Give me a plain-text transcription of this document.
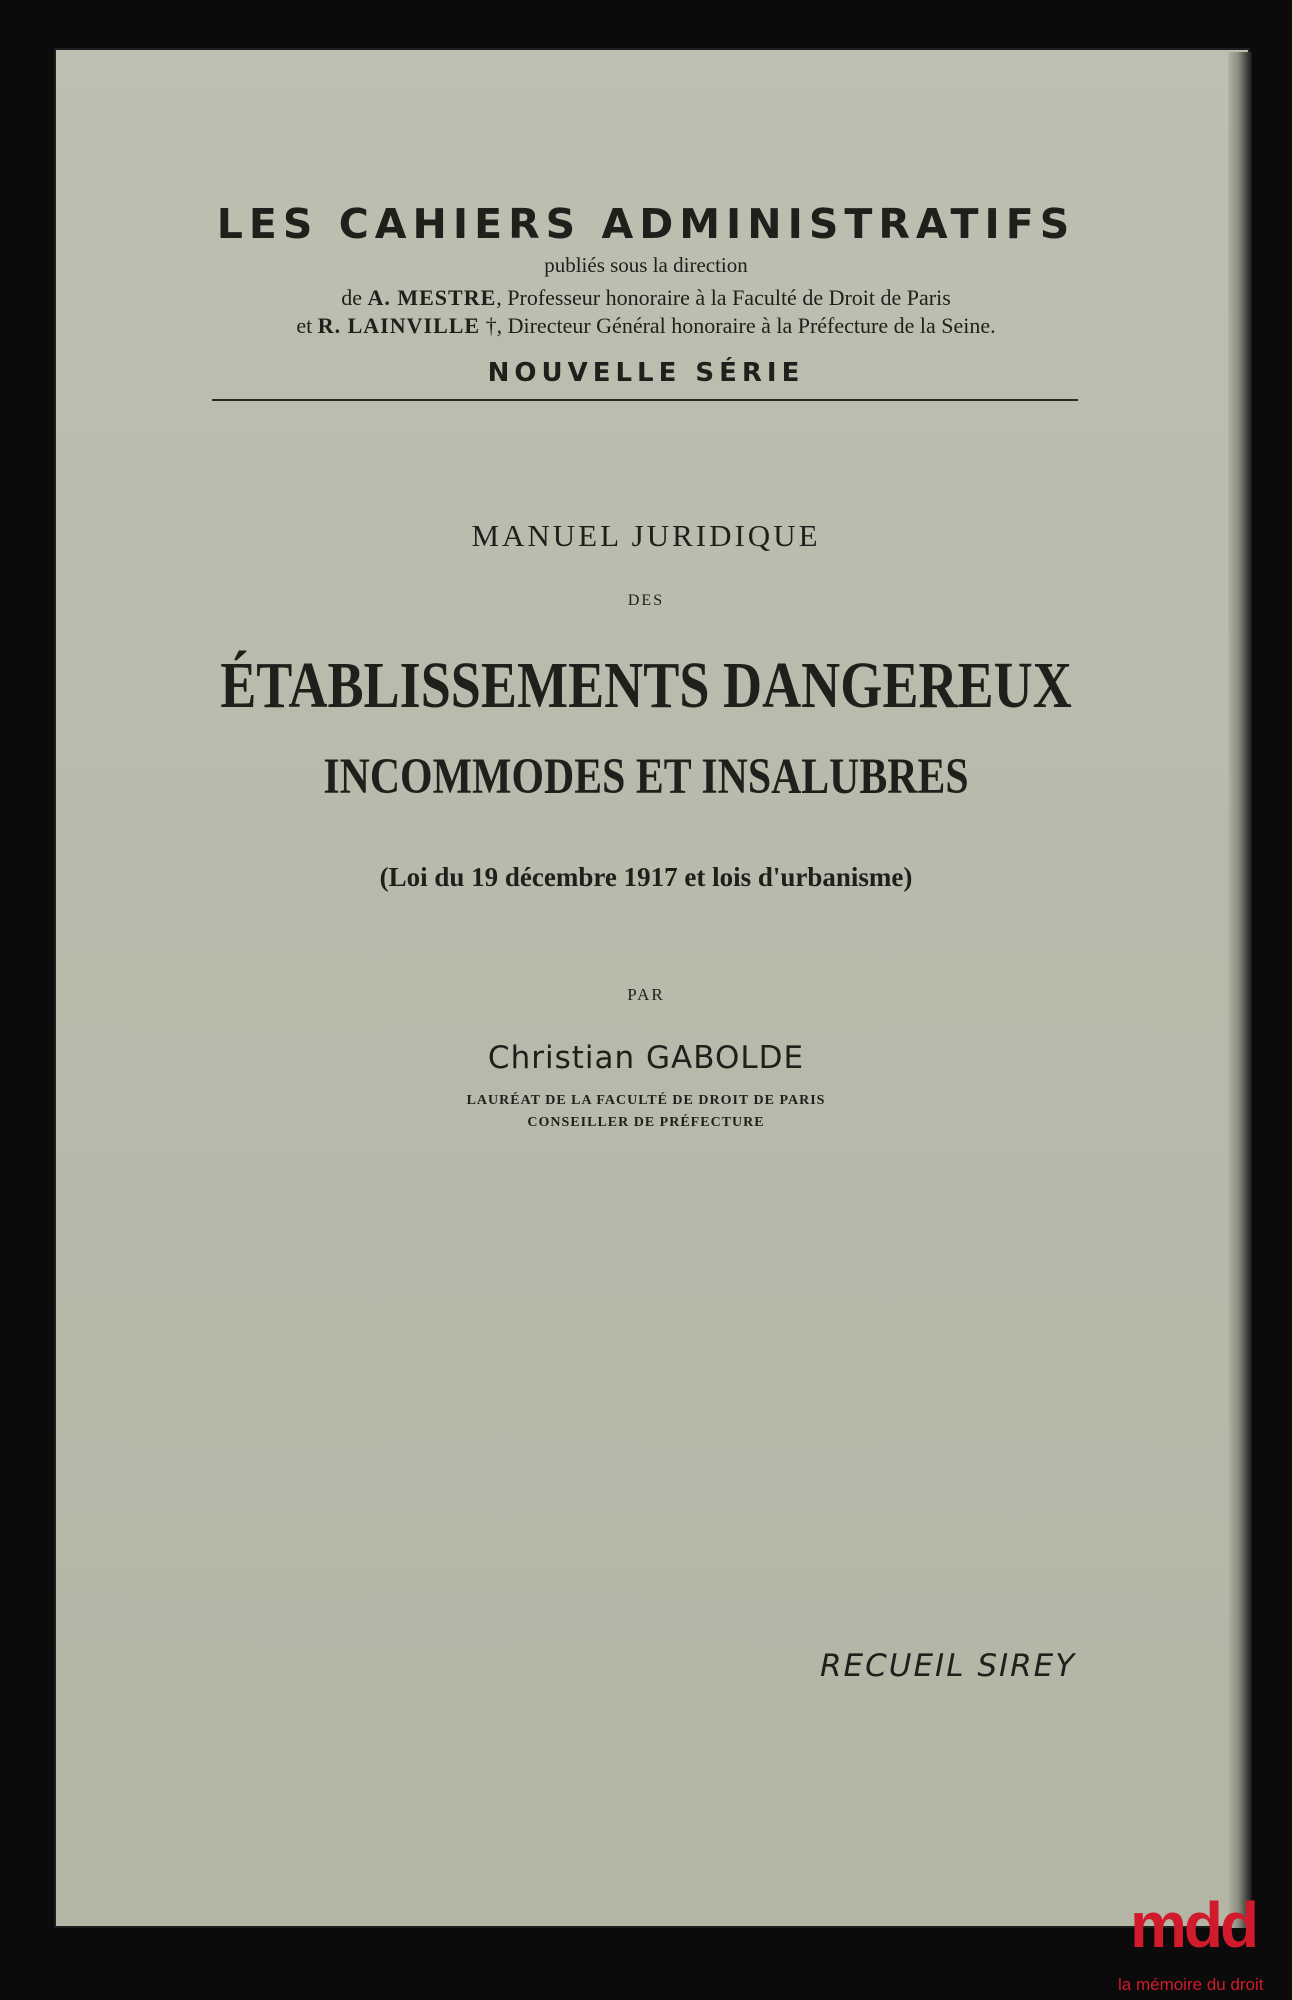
LES CAHIERS ADMINISTRATIFS
publiés sous la direction
de A. MESTRE, Professeur honoraire à la Faculté de Droit de Paris
et R. LAINVILLE †, Directeur Général honoraire à la Préfecture de la Seine.
NOUVELLE SÉRIE
MANUEL JURIDIQUE
DES
ÉTABLISSEMENTS DANGEREUX
INCOMMODES ET INSALUBRES
(Loi du 19 décembre 1917 et lois d'urbanisme)
PAR
Christian GABOLDE
LAURÉAT DE LA FACULTÉ DE DROIT DE PARIS
CONSEILLER DE PRÉFECTURE
RECUEIL SIREY
mdd
la mémoire du droit
